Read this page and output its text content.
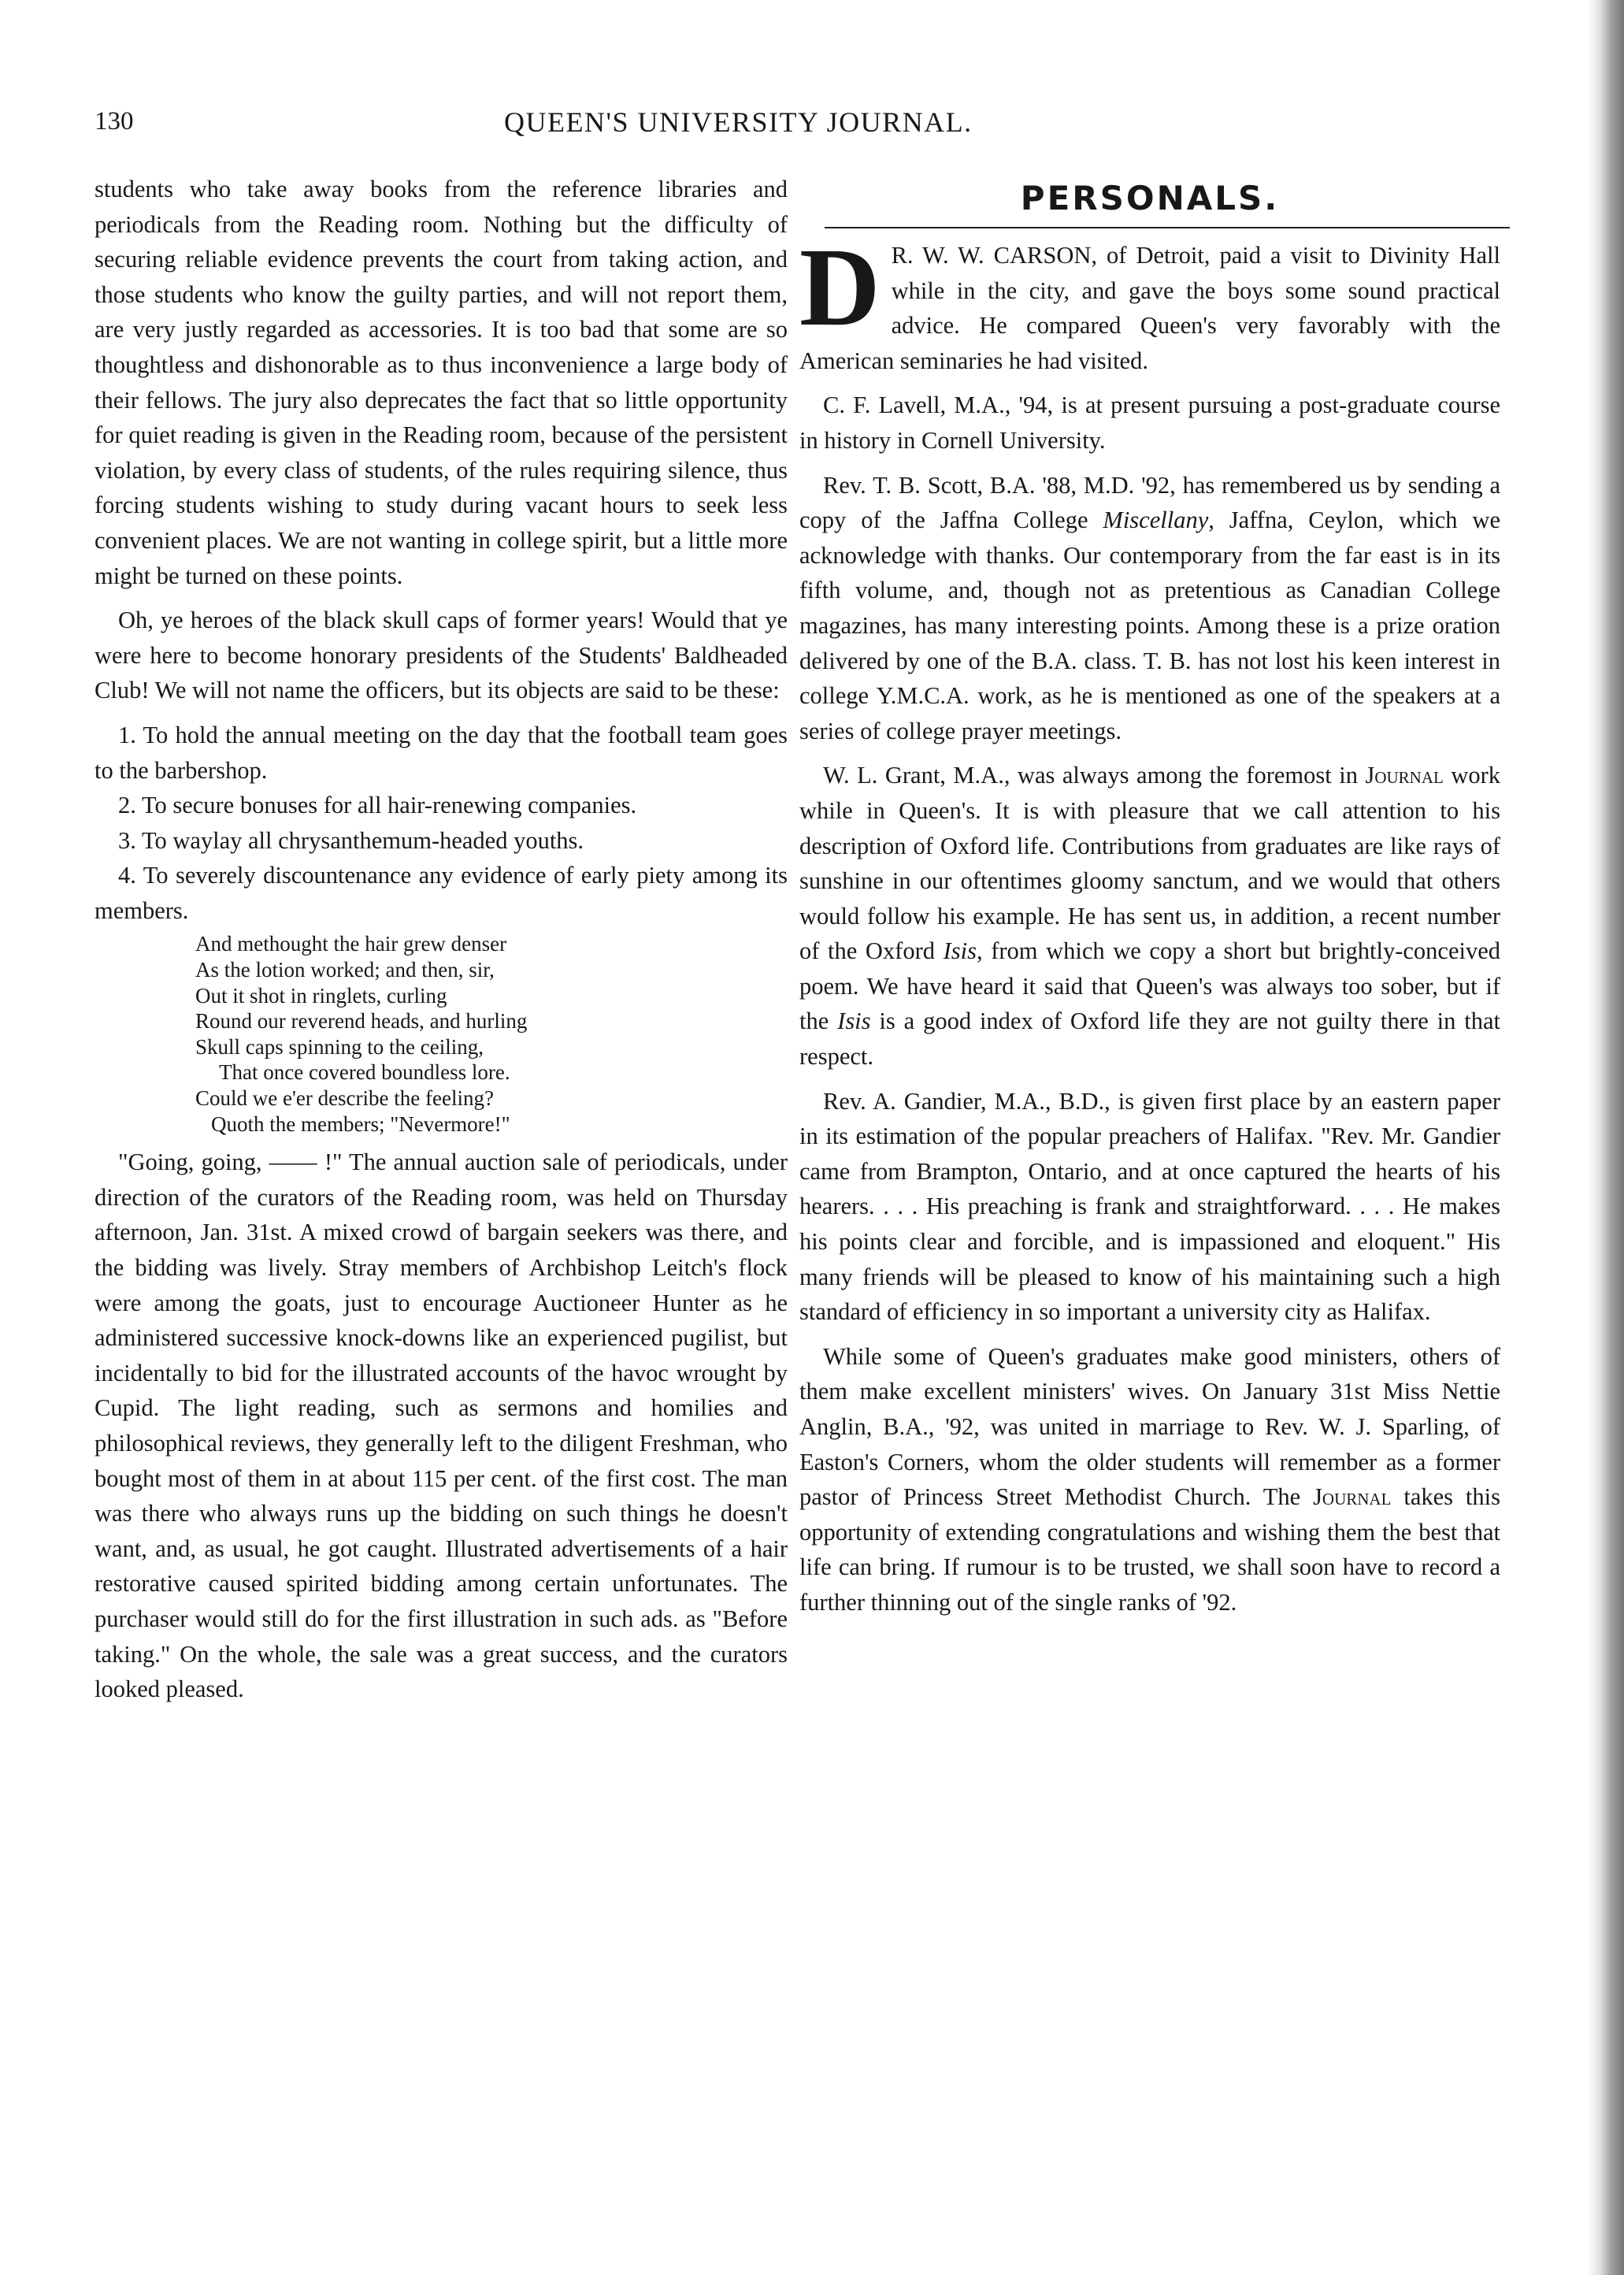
130	QUEEN'S UNIVERSITY JOURNAL.

students who take away books from the reference libraries and periodicals from the Reading room. Nothing but the difficulty of securing reliable evidence prevents the court from taking action, and those students who know the guilty parties, and will not report them, are very justly regarded as accessories. It is too bad that some are so thoughtless and dishonorable as to thus inconvenience a large body of their fellows. The jury also deprecates the fact that so little opportunity for quiet reading is given in the Reading room, because of the persistent violation, by every class of students, of the rules requiring silence, thus forcing students wishing to study during vacant hours to seek less convenient places. We are not wanting in college spirit, but a little more might be turned on these points.

Oh, ye heroes of the black skull caps of former years! Would that ye were here to become honorary presidents of the Students' Baldheaded Club! We will not name the officers, but its objects are said to be these:

1. To hold the annual meeting on the day that the football team goes to the barbershop.

2. To secure bonuses for all hair-renewing companies.

3. To waylay all chrysanthemum-headed youths.

4. To severely discountenance any evidence of early piety among its members.

And methought the hair grew denser
As the lotion worked; and then, sir,
Out it shot in ringlets, curling
Round our reverend heads, and hurling
Skull caps spinning to the ceiling,
That once covered boundless lore.
Could we e'er describe the feeling?
Quoth the members; "Nevermore!"

"Going, going, —— !" The annual auction sale of periodicals, under direction of the curators of the Reading room, was held on Thursday afternoon, Jan. 31st. A mixed crowd of bargain seekers was there, and the bidding was lively. Stray members of Archbishop Leitch's flock were among the goats, just to encourage Auctioneer Hunter as he administered successive knock-downs like an experienced pugilist, but incidentally to bid for the illustrated accounts of the havoc wrought by Cupid. The light reading, such as sermons and homilies and philosophical reviews, they generally left to the diligent Freshman, who bought most of them in at about 115 per cent. of the first cost. The man was there who always runs up the bidding on such things he doesn't want, and, as usual, he got caught. Illustrated advertisements of a hair restorative caused spirited bidding among certain unfortunates. The purchaser would still do for the first illustration in such ads. as "Before taking." On the whole, the sale was a great success, and the curators looked pleased.

PERSONALS.

D R. W. W. CARSON, of Detroit, paid a visit to Divinity Hall while in the city, and gave the boys some sound practical advice. He compared Queen's very favorably with the American seminaries he had visited.

C. F. Lavell, M.A., '94, is at present pursuing a post-graduate course in history in Cornell University.

Rev. T. B. Scott, B.A. '88, M.D. '92, has remembered us by sending a copy of the Jaffna College Miscellany, Jaffna, Ceylon, which we acknowledge with thanks. Our contemporary from the far east is in its fifth volume, and, though not as pretentious as Canadian College magazines, has many interesting points. Among these is a prize oration delivered by one of the B.A. class. T. B. has not lost his keen interest in college Y.M.C.A. work, as he is mentioned as one of the speakers at a series of college prayer meetings.

W. L. Grant, M.A., was always among the foremost in Journal work while in Queen's. It is with pleasure that we call attention to his description of Oxford life. Contributions from graduates are like rays of sunshine in our oftentimes gloomy sanctum, and we would that others would follow his example. He has sent us, in addition, a recent number of the Oxford Isis, from which we copy a short but brightly-conceived poem. We have heard it said that Queen's was always too sober, but if the Isis is a good index of Oxford life they are not guilty there in that respect.

Rev. A. Gandier, M.A., B.D., is given first place by an eastern paper in its estimation of the popular preachers of Halifax. "Rev. Mr. Gandier came from Brampton, Ontario, and at once captured the hearts of his hearers. . . . His preaching is frank and straightforward. . . . He makes his points clear and forcible, and is impassioned and eloquent." His many friends will be pleased to know of his maintaining such a high standard of efficiency in so important a university city as Halifax.

While some of Queen's graduates make good ministers, others of them make excellent ministers' wives. On January 31st Miss Nettie Anglin, B.A., '92, was united in marriage to Rev. W. J. Sparling, of Easton's Corners, whom the older students will remember as a former pastor of Princess Street Methodist Church. The Journal takes this opportunity of extending congratulations and wishing them the best that life can bring. If rumour is to be trusted, we shall soon have to record a further thinning out of the single ranks of '92.
